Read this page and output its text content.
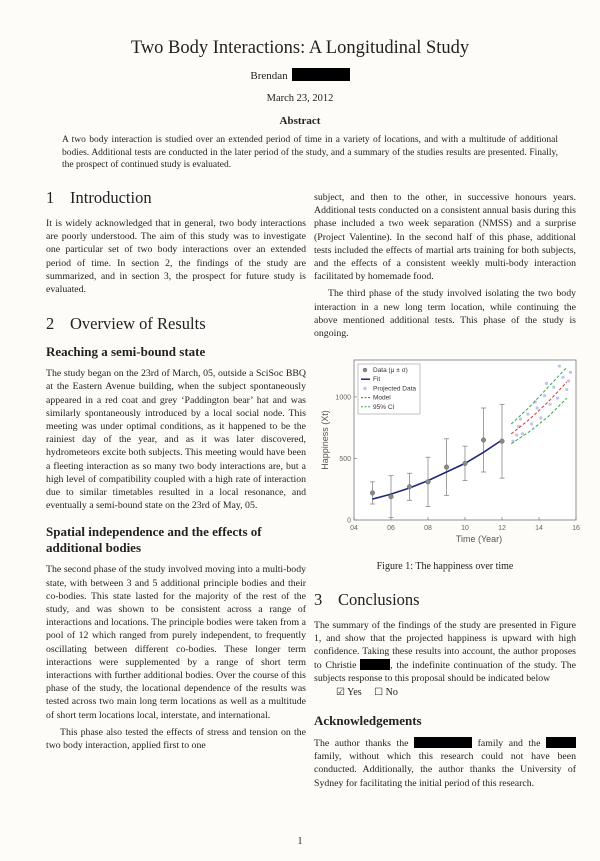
Two Body Interactions: A Longitudinal Study
Brendan
March 23, 2012
Abstract
A two body interaction is studied over an extended period of time in a variety of locations, and with a multitude of additional bodies. Additional tests are conducted in the later period of the study, and a summary of the studies results are presented. Finally, the prospect of continued study is evaluated.
1 Introduction
It is widely acknowledged that in general, two body interactions are poorly understood. The aim of this study was to investigate one particular set of two body interactions over an extended period of time. In section 2, the findings of the study are summarized, and in section 3, the prospect for future study is evaluated.
2 Overview of Results
Reaching a semi-bound state
The study began on the 23rd of March, 05, outside a SciSoc BBQ at the Eastern Avenue building, when the subject spontaneously appeared in a red coat and grey ‘Paddington bear’ hat and was similarly spontaneously introduced by a local social node. This meeting was under optimal conditions, as it happened to be the rainiest day of the year, and as it was later discovered, hydrometeors excite both subjects. This meeting would have been a fleeting interaction as so many two body interactions are, but a high level of compatibility coupled with a high rate of interaction due to similar timetables resulted in a local resonance, and eventually a semi-bound state on the 23rd of May, 05.
Spatial independence and the effects of additional bodies
The second phase of the study involved moving into a multi-body state, with between 3 and 5 additional principle bodies and their co-bodies. This state lasted for the majority of the rest of the study, and was shown to be consistent across a range of interactions and locations. The principle bodies were taken from a pool of 12 which ranged from purely independent, to frequently oscillating between different co-bodies. These longer term interactions were supplemented by a range of short term interactions with further additional bodies. Over the course of this phase of the study, the locational dependence of the results was tested across two main long term locations as well as a multitude of short term locations local, interstate, and international.
This phase also tested the effects of stress and tension on the two body interaction, applied first to one
subject, and then to the other, in successive honours years. Additional tests conducted on a consistent annual basis during this phase included a two week separation (NMSS) and a surprise (Project Valentine). In the second half of this phase, additional tests included the effects of martial arts training for both subjects, and the effects of a consistent weekly multi-body interaction facilitated by homemade food.
The third phase of the study involved isolating the two body interaction in a new long term location, while continuing the above mentioned additional tests. This phase of the study is ongoing.
04	06	08	10	12	14	16
0
500
1000
Time (Year)
Happiness (Xt)
Data (μ ± σ)
Fit
Projected Data
Model
95% CI
Figure 1: The happiness over time
3 Conclusions
The summary of the findings of the study are presented in Figure 1, and show that the projected happiness is upward with high confidence. Taking these results into account, the author proposes to Christie	, the indefinite continuation of the study. The subjects response to this proposal should be indicated below
☑ Yes ☐ No
Acknowledgements
The author thanks the	family and the  family, without which this research could not have been conducted. Additionally, the author thanks the University of Sydney for facilitating the initial period of this research.
1
